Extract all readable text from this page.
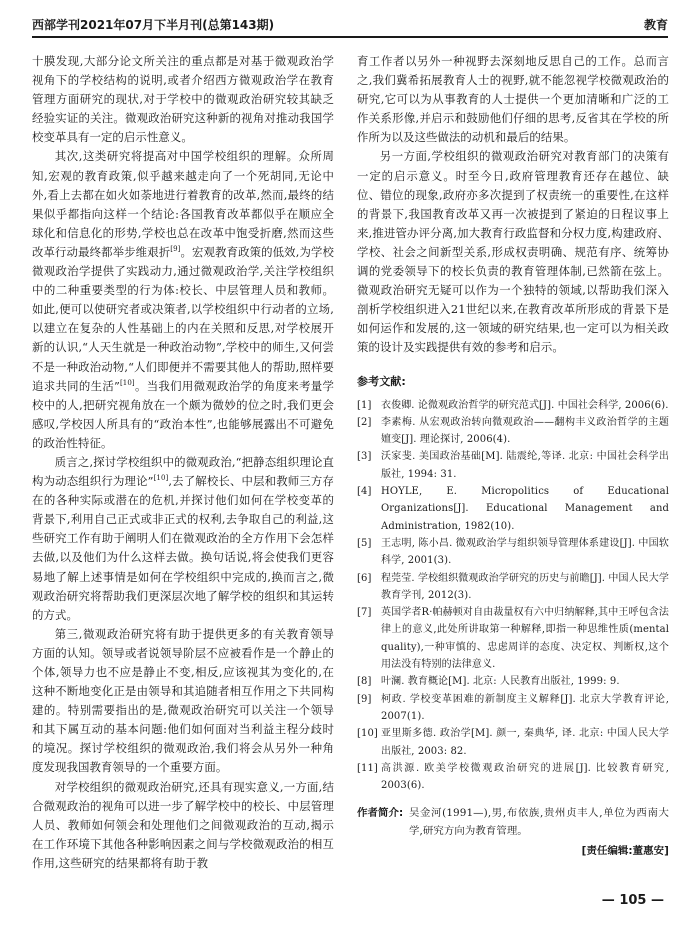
西部学刊2021年07月下半月刊(总第143期)	教育

十膜发现,大部分论文所关注的重点都是对基于微观政治学视角下的学校结构的说明,或者介绍西方微观政治学在教育管理方面研究的现状,对于学校中的微观政治研究较其缺乏经验实证的关注。微观政治研究这种新的视角对推动我国学校变革具有一定的启示性意义。

其次,这类研究将提高对中国学校组织的理解。众所周知,宏观的教育政策,似乎越来越走向了一个死胡同,无论中外,看上去都在如火如荼地进行着教育的改革,然而,最终的结果似乎都指向这样一个结论:各国教育改革都似乎在顺应全球化和信息化的形势,学校也总在改革中饱受折磨,然而这些改革行动最终都举步维艰折[9]。宏观教育政策的低效,为学校微观政治学提供了实践动力,通过微观政治学,关注学校组织中的二种重要类型的行为体:校长、中层管理人员和教师。如此,便可以使研究者或决策者,以学校组织中行动者的立场,以建立在复杂的人性基础上的内在关照和反思,对学校展开新的认识,“人天生就是一种政治动物”,学校中的师生,又何尝不是一种政治动物,“人们即便并不需要其他人的帮助,照样要追求共同的生活”[10]。当我们用微观政治学的角度来考量学校中的人,把研究视角放在一个颇为微妙的位之时,我们更会感叹,学校因人所具有的“政治本性”,也能够展露出不可避免的政治性特征。

质言之,探讨学校组织中的微观政治,“把静态组织理论直构为动态组织行为理论”[10],去了解校长、中层和教师三方存在的各种实际或潜在的危机,并探讨他们如何在学校变革的背景下,利用自己正式或非正式的权利,去争取自己的利益,这些研究工作有助于阐明人们在微观政治的全方作用下会怎样去做,以及他们为什么这样去做。换句话说,将会使我们更容易地了解上述事情是如何在学校组织中完成的,换而言之,微观政治研究将帮助我们更深层次地了解学校的组织和其运转的方式。

第三,微观政治研究将有助于提供更多的有关教育领导方面的认知。领导或者说领导阶层不应被看作是一个静止的个体,领导力也不应是静止不变,相反,应该视其为变化的,在这种不断地变化正是由领导和其追随者相互作用之下共同构建的。特别需要指出的是,微观政治研究可以关注一个领导和其下属互动的基本问题:他们如何面对当利益主程分歧时的境况。探讨学校组织的微观政治,我们将会从另外一种角度发现我国教育领导的一个重要方面。

对学校组织的微观政治研究,还具有现实意义,一方面,结合微观政治的视角可以进一步了解学校中的校长、中层管理人员、教师如何领会和处理他们之间微观政治的互动,揭示在工作环境下其他各种影响因素之间与学校微观政治的相互作用,这些研究的结果都将有助于教

育工作者以另外一种视野去深刻地反思自己的工作。总而言之,我们冀希拓展教育人士的视野,就不能忽视学校微观政治的研究,它可以为从事教育的人士提供一个更加清晰和广泛的工作关系形像,并启示和鼓励他们仔细的思考,反省其在学校的所作所为以及这些做法的动机和最后的结果。

另一方面,学校组织的微观政治研究对教育部门的决策有一定的启示意义。时至今日,政府管理教育还存在越位、缺位、错位的现象,政府亦多次提到了权责统一的重要性,在这样的背景下,我国教育改革又再一次被提到了紧迫的日程议事上来,推进管办评分离,加大教育行政监督和分权力度,构建政府、学校、社会之间新型关系,形成权责明确、规范有序、统筹协调的党委领导下的校长负责的教育管理体制,已然箭在弦上。微观政治研究无疑可以作为一个独特的领域,以帮助我们深入剖析学校组织进入21世纪以来,在教育改革所形成的背景下是如何运作和发展的,这一领域的研究结果,也一定可以为相关政策的设计及实践提供有效的参考和启示。

参考文献:
[1] 衣俊卿. 论微观政治哲学的研究范式[J]. 中国社会科学, 2006(6).
[2] 李素梅. 从宏观政治转向微观政治——翻构丰义政治哲学的主题嬗变[J]. 理论探讨, 2006(4).
[3] 沃家斐. 美国政治基础[M]. 陆震纶,等译. 北京: 中国社会科学出版社, 1994: 31.
[4] HOYLE, E. Micropolitics of Educational Organizations[J]. Educational Management and Administration, 1982(10).
[5] 王志明, 陈小昌. 微观政治学与组织领导管理体系建设[J]. 中国软科学, 2001(3).
[6] 程莞莹. 学校组织微观政治学研究的历史与前瞻[J]. 中国人民大学教育学刊, 2012(3).
[7] 英国学者R·帕赫顿对自由裁量权有六中归纳解释,其中王呼包含法律上的意义,此处所讲取第一种解释,即指一种思维性质(mental quality),一种审慎的、忠虑周详的态度、决定权、判断权,这个用法没有特别的法律意义.
[8] 叶澜. 教育概论[M]. 北京: 人民教育出版社, 1999: 9.
[9] 柯政. 学校变革困难的新制度主义解释[J]. 北京大学教育评论, 2007(1).
[10] 亚里斯多德. 政治学[M]. 颜一, 秦典华, 译. 北京: 中国人民大学出版社, 2003: 82.
[11] 高洪源. 欧美学校微观政治研究的进展[J]. 比较教育研究, 2003(6).
作者简介: 吴金河(1991—),男,布依族,贵州贞丰人,单位为西南大学,研究方向为教育管理。
[责任编辑:董惠安]
— 105 —
